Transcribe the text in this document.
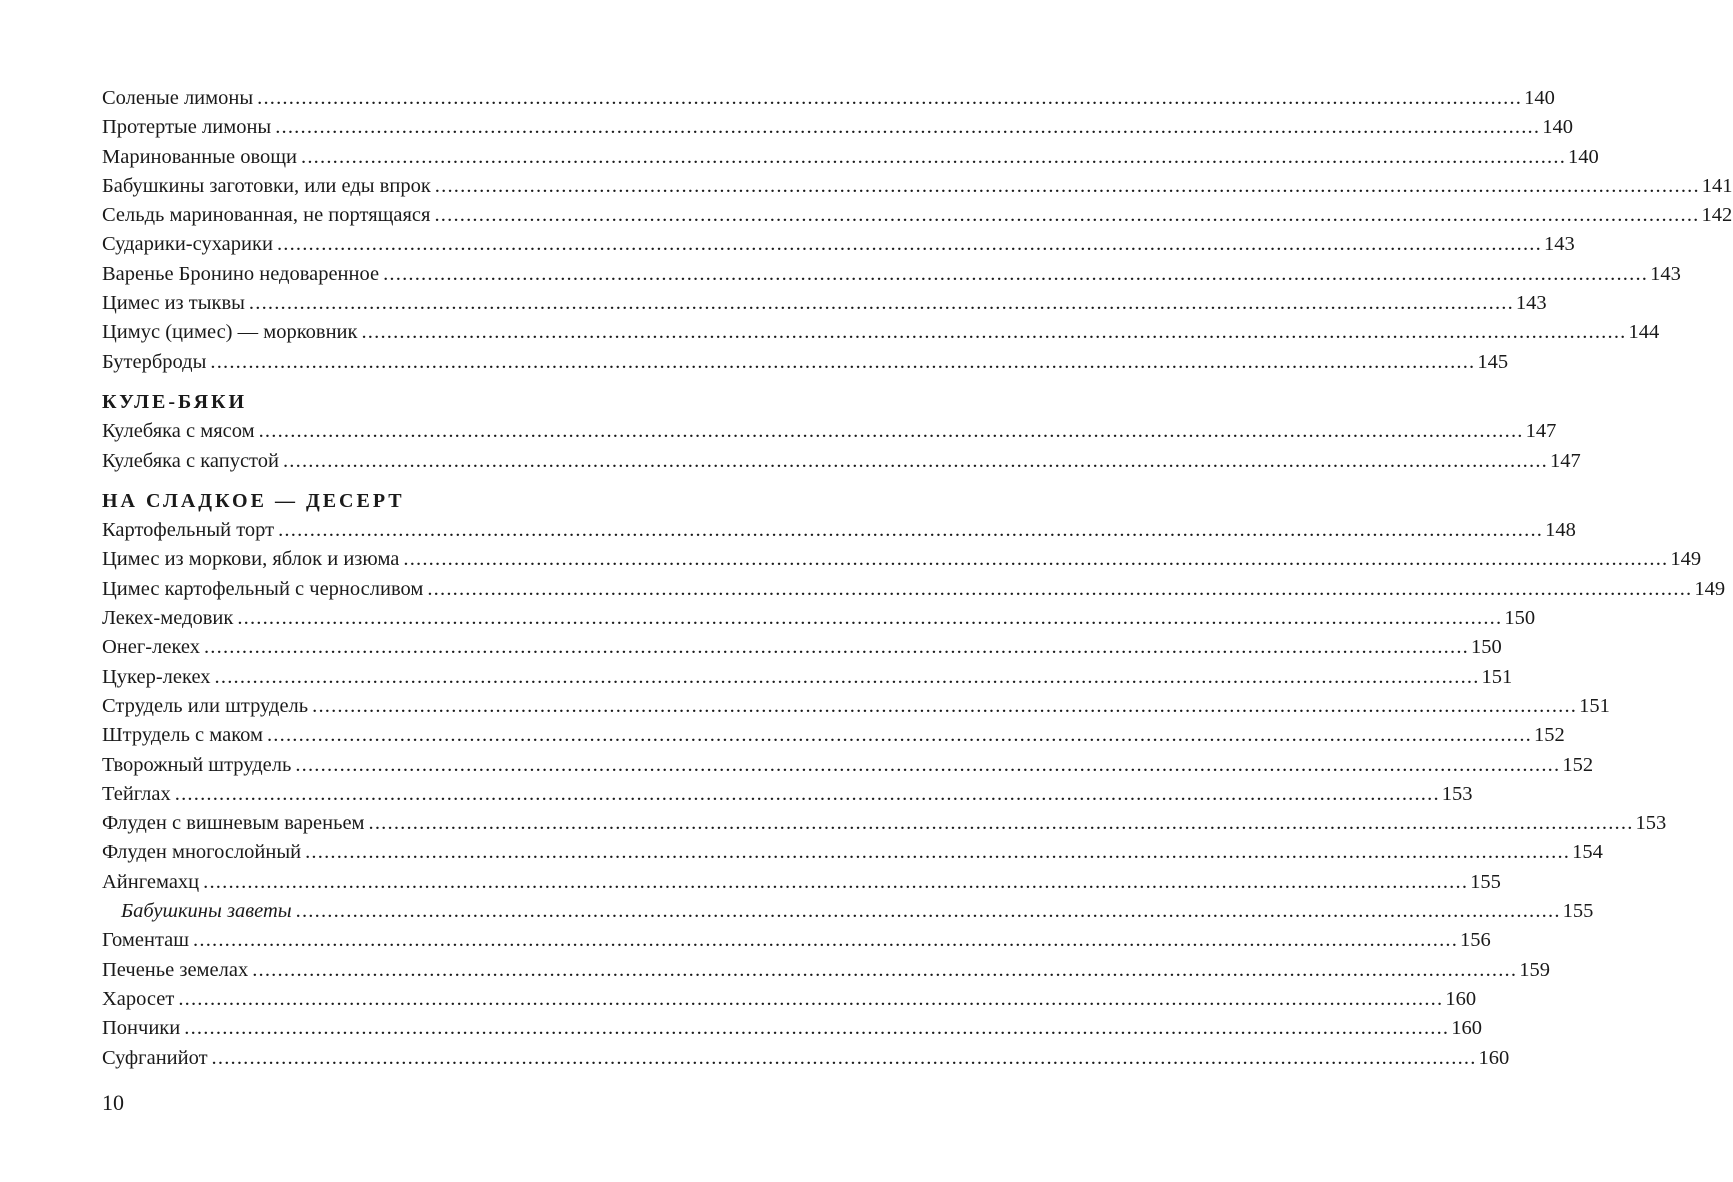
Соленые лимоны ........................................................................................................................................................................................................ 140
Протертые лимоны ........................................................................................................................................................................................................ 140
Маринованные овощи ........................................................................................................................................................................................................ 140
Бабушкины заготовки, или еды впрок ........................................................................................................................................................................................................ 141
Сельдь маринованная, не портящаяся ........................................................................................................................................................................................................ 142
Сударики-сухарики ........................................................................................................................................................................................................ 143
Варенье Бронино недоваренное ........................................................................................................................................................................................................ 143
Цимес из тыквы ........................................................................................................................................................................................................ 143
Цимус (цимес) — морковник ........................................................................................................................................................................................................ 144
Бутерброды ........................................................................................................................................................................................................ 145
КУЛЕ-БЯКИ
Кулебяка с мясом ........................................................................................................................................................................................................ 147
Кулебяка с капустой ........................................................................................................................................................................................................ 147
НА СЛАДКОЕ — ДЕСЕРТ
Картофельный торт ........................................................................................................................................................................................................ 148
Цимес из моркови, яблок и изюма ........................................................................................................................................................................................................ 149
Цимес картофельный с черносливом ........................................................................................................................................................................................................ 149
Лекех-медовик ........................................................................................................................................................................................................ 150
Онег-лекех ........................................................................................................................................................................................................ 150
Цукер-лекех ........................................................................................................................................................................................................ 151
Струдель или штрудель ........................................................................................................................................................................................................ 151
Штрудель с маком ........................................................................................................................................................................................................ 152
Творожный штрудель ........................................................................................................................................................................................................ 152
Тейглах ........................................................................................................................................................................................................ 153
Флуден с вишневым вареньем ........................................................................................................................................................................................................ 153
Флуден многослойный ........................................................................................................................................................................................................ 154
Айнгемахц ........................................................................................................................................................................................................ 155
Бабушкины заветы ........................................................................................................................................................................................................ 155
Гоменташ ........................................................................................................................................................................................................ 156
Печенье земелах ........................................................................................................................................................................................................ 159
Харосет ........................................................................................................................................................................................................ 160
Пончики ........................................................................................................................................................................................................ 160
Суфганийот ........................................................................................................................................................................................................ 160
10
